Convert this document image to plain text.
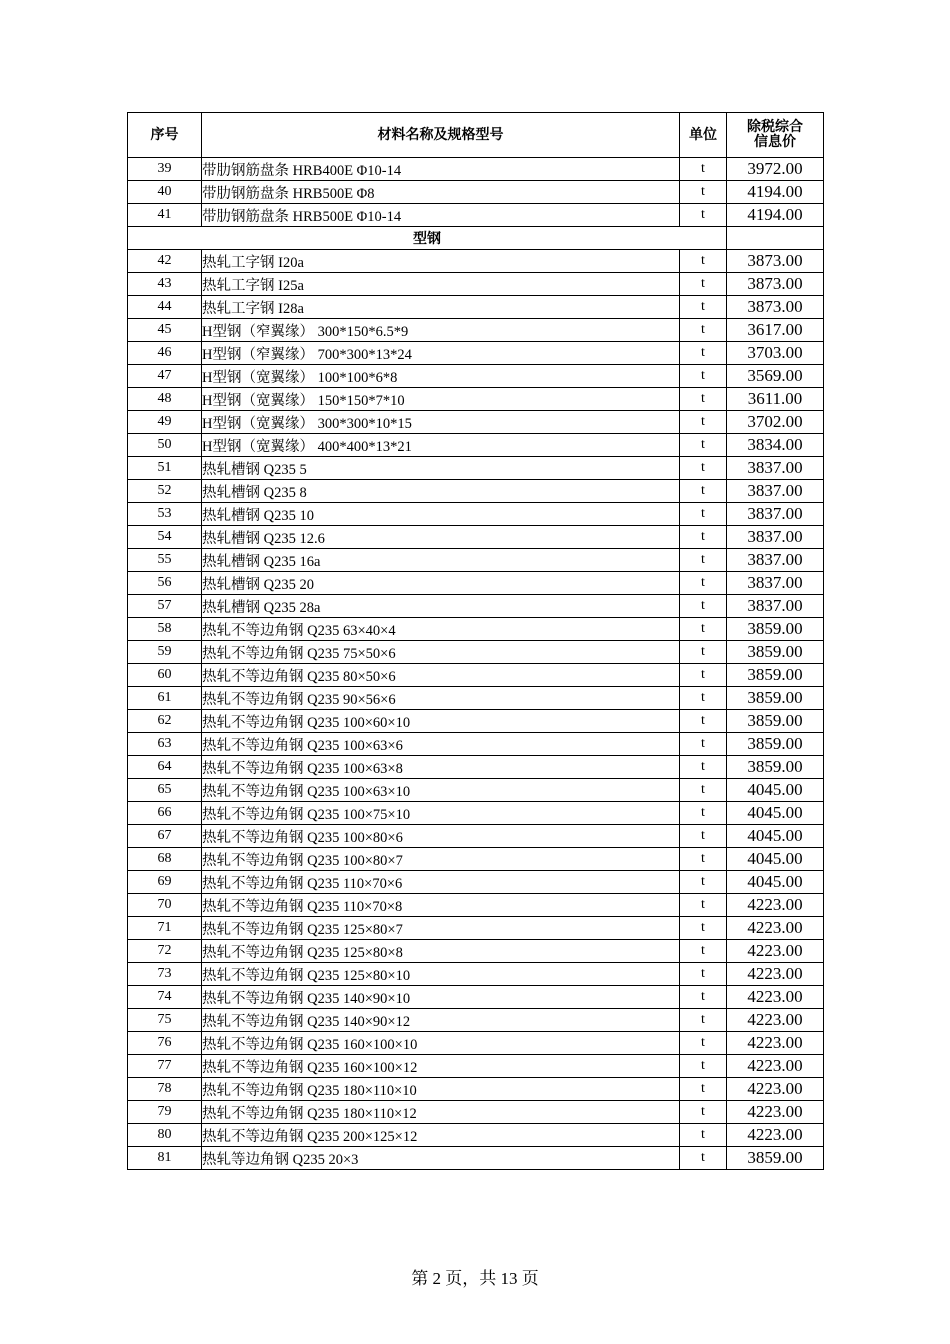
序号	材料名称及规格型号	单位	除税综合
信息价

39	带肋钢筋盘条 HRB400E Φ10-14	t	3972.00
40	带肋钢筋盘条 HRB500E Φ8	t	4194.00
41	带肋钢筋盘条 HRB500E Φ10-14	t	4194.00
型钢			
42	热轧工字钢 I20a	t	3873.00
43	热轧工字钢 I25a	t	3873.00
44	热轧工字钢 I28a	t	3873.00
45	H型钢（窄翼缘） 300*150*6.5*9	t	3617.00
46	H型钢（窄翼缘） 700*300*13*24	t	3703.00
47	H型钢（宽翼缘） 100*100*6*8	t	3569.00
48	H型钢（宽翼缘） 150*150*7*10	t	3611.00
49	H型钢（宽翼缘） 300*300*10*15	t	3702.00
50	H型钢（宽翼缘） 400*400*13*21	t	3834.00
51	热轧槽钢 Q235 5	t	3837.00
52	热轧槽钢 Q235 8	t	3837.00
53	热轧槽钢 Q235 10	t	3837.00
54	热轧槽钢 Q235 12.6	t	3837.00
55	热轧槽钢 Q235 16a	t	3837.00
56	热轧槽钢 Q235 20	t	3837.00
57	热轧槽钢 Q235 28a	t	3837.00
58	热轧不等边角钢 Q235 63×40×4	t	3859.00
59	热轧不等边角钢 Q235 75×50×6	t	3859.00
60	热轧不等边角钢 Q235 80×50×6	t	3859.00
61	热轧不等边角钢 Q235 90×56×6	t	3859.00
62	热轧不等边角钢 Q235 100×60×10	t	3859.00
63	热轧不等边角钢 Q235 100×63×6	t	3859.00
64	热轧不等边角钢 Q235 100×63×8	t	3859.00
65	热轧不等边角钢 Q235 100×63×10	t	4045.00
66	热轧不等边角钢 Q235 100×75×10	t	4045.00
67	热轧不等边角钢 Q235 100×80×6	t	4045.00
68	热轧不等边角钢 Q235 100×80×7	t	4045.00
69	热轧不等边角钢 Q235 110×70×6	t	4045.00
70	热轧不等边角钢 Q235 110×70×8	t	4223.00
71	热轧不等边角钢 Q235 125×80×7	t	4223.00
72	热轧不等边角钢 Q235 125×80×8	t	4223.00
73	热轧不等边角钢 Q235 125×80×10	t	4223.00
74	热轧不等边角钢 Q235 140×90×10	t	4223.00
75	热轧不等边角钢 Q235 140×90×12	t	4223.00
76	热轧不等边角钢 Q235 160×100×10	t	4223.00
77	热轧不等边角钢 Q235 160×100×12	t	4223.00
78	热轧不等边角钢 Q235 180×110×10	t	4223.00
79	热轧不等边角钢 Q235 180×110×12	t	4223.00
80	热轧不等边角钢 Q235 200×125×12	t	4223.00
81	热轧等边角钢 Q235 20×3	t	3859.00
第 2 页，共 13 页
